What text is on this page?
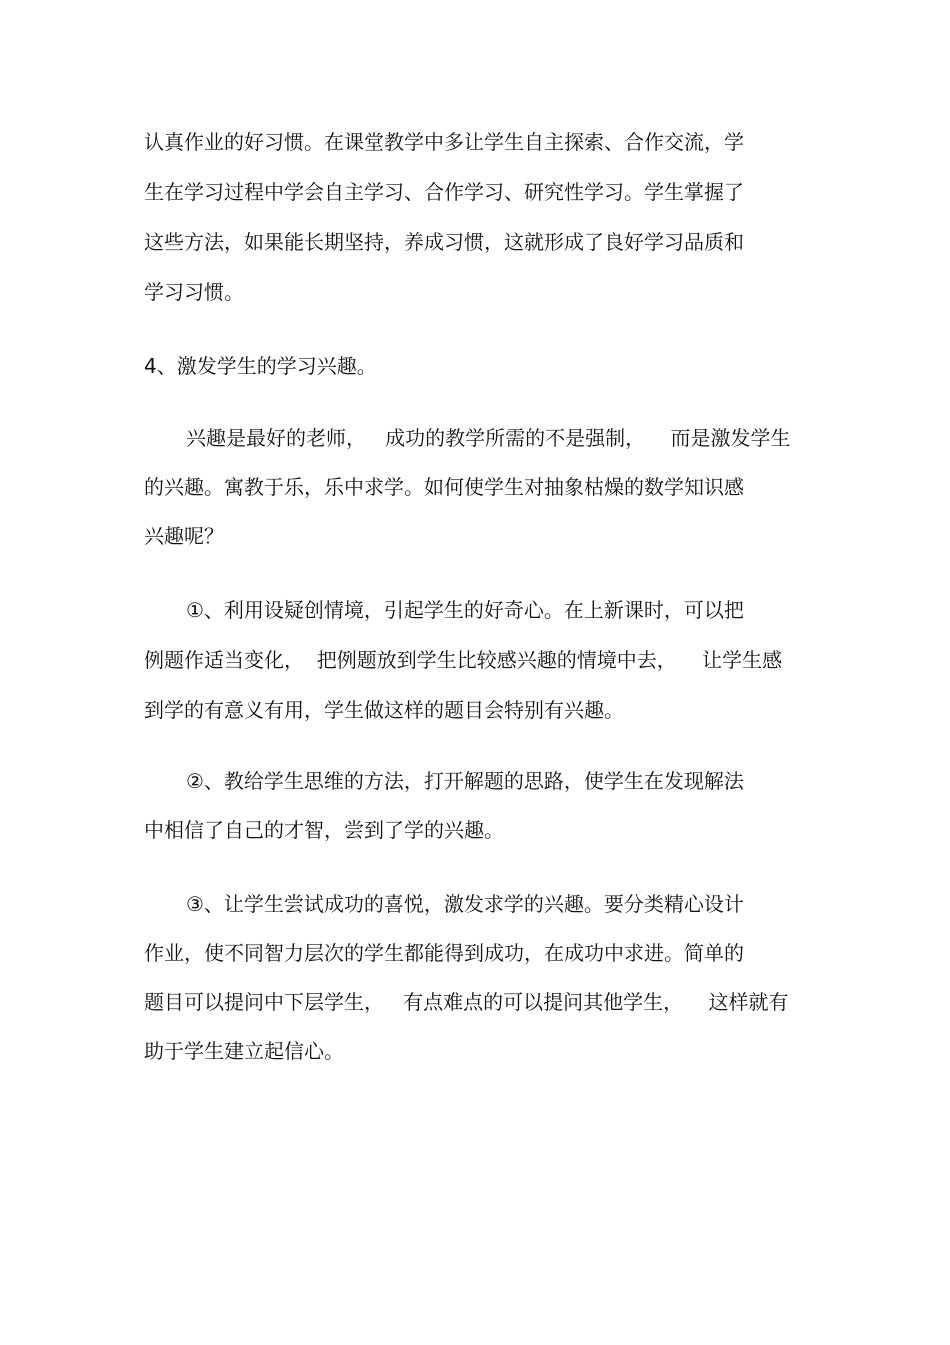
认真作业的好习惯。在课堂教学中多让学生自主探索、合作交流，学

生在学习过程中学会自主学习、合作学习、研究性学习。学生掌握了

这些方法，如果能长期坚持，养成习惯，这就形成了良好学习品质和

学习习惯。

4、激发学生的学习兴趣。

兴趣是最好的老师，   成功的教学所需的不是强制，    而是激发学生

的兴趣。寓教于乐，乐中求学。如何使学生对抽象枯燥的数学知识感

兴趣呢？

①、利用设疑创情境，引起学生的好奇心。在上新课时，可以把

例题作适当变化，  把例题放到学生比较感兴趣的情境中去，    让学生感

到学的有意义有用，学生做这样的题目会特别有兴趣。

②、教给学生思维的方法，打开解题的思路，使学生在发现解法

中相信了自己的才智，尝到了学的兴趣。

③、让学生尝试成功的喜悦，激发求学的兴趣。要分类精心设计

作业，使不同智力层次的学生都能得到成功，在成功中求进。简单的

题目可以提问中下层学生，   有点难点的可以提问其他学生，    这样就有

助于学生建立起信心。
